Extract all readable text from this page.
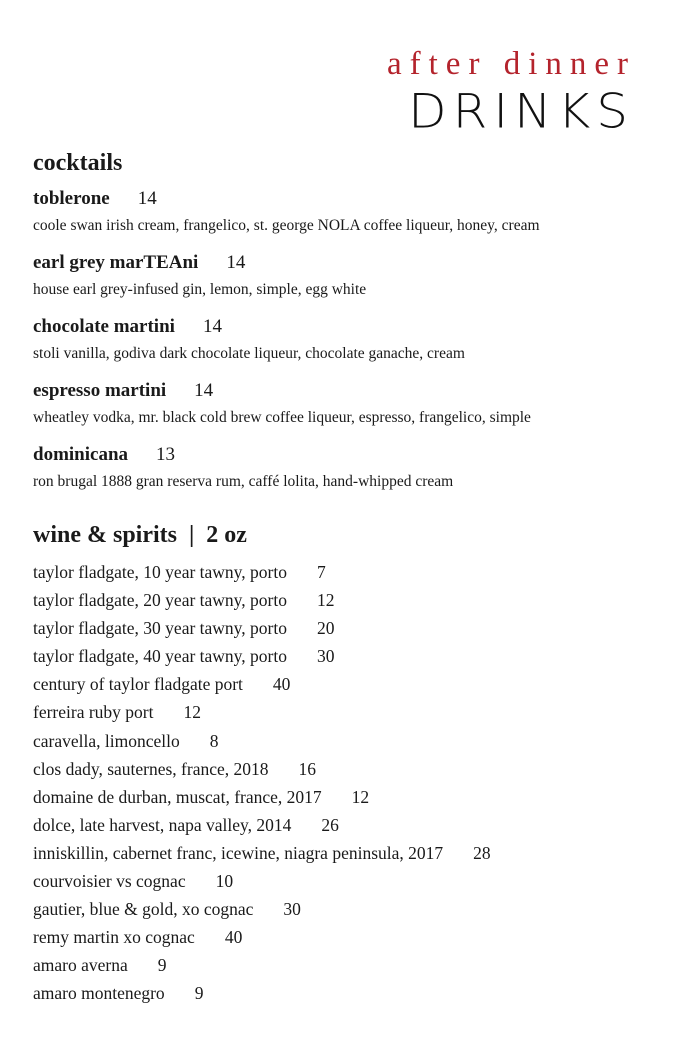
after dinner
DRINKS
cocktails
toblerone 14
coole swan irish cream, frangelico, st. george NOLA coffee liqueur, honey, cream
earl grey marTEAni 14
house earl grey-infused gin, lemon, simple, egg white
chocolate martini 14
stoli vanilla, godiva dark chocolate liqueur, chocolate ganache, cream
espresso martini 14
wheatley vodka, mr. black cold brew coffee liqueur, espresso, frangelico, simple
dominicana 13
ron brugal 1888 gran reserva rum, caffé lolita, hand-whipped cream
wine & spirits  |  2 oz
taylor fladgate, 10 year tawny, porto 7
taylor fladgate, 20 year tawny, porto 12
taylor fladgate, 30 year tawny, porto 20
taylor fladgate, 40 year tawny, porto 30
century of taylor fladgate port 40
ferreira ruby port 12
caravella, limoncello 8
clos dady, sauternes, france, 2018 16
domaine de durban, muscat, france, 2017 12
dolce, late harvest, napa valley, 2014 26
inniskillin, cabernet franc, icewine, niagra peninsula, 2017 28
courvoisier vs cognac 10
gautier, blue & gold, xo cognac 30
remy martin xo cognac 40
amaro averna 9
amaro montenegro 9
